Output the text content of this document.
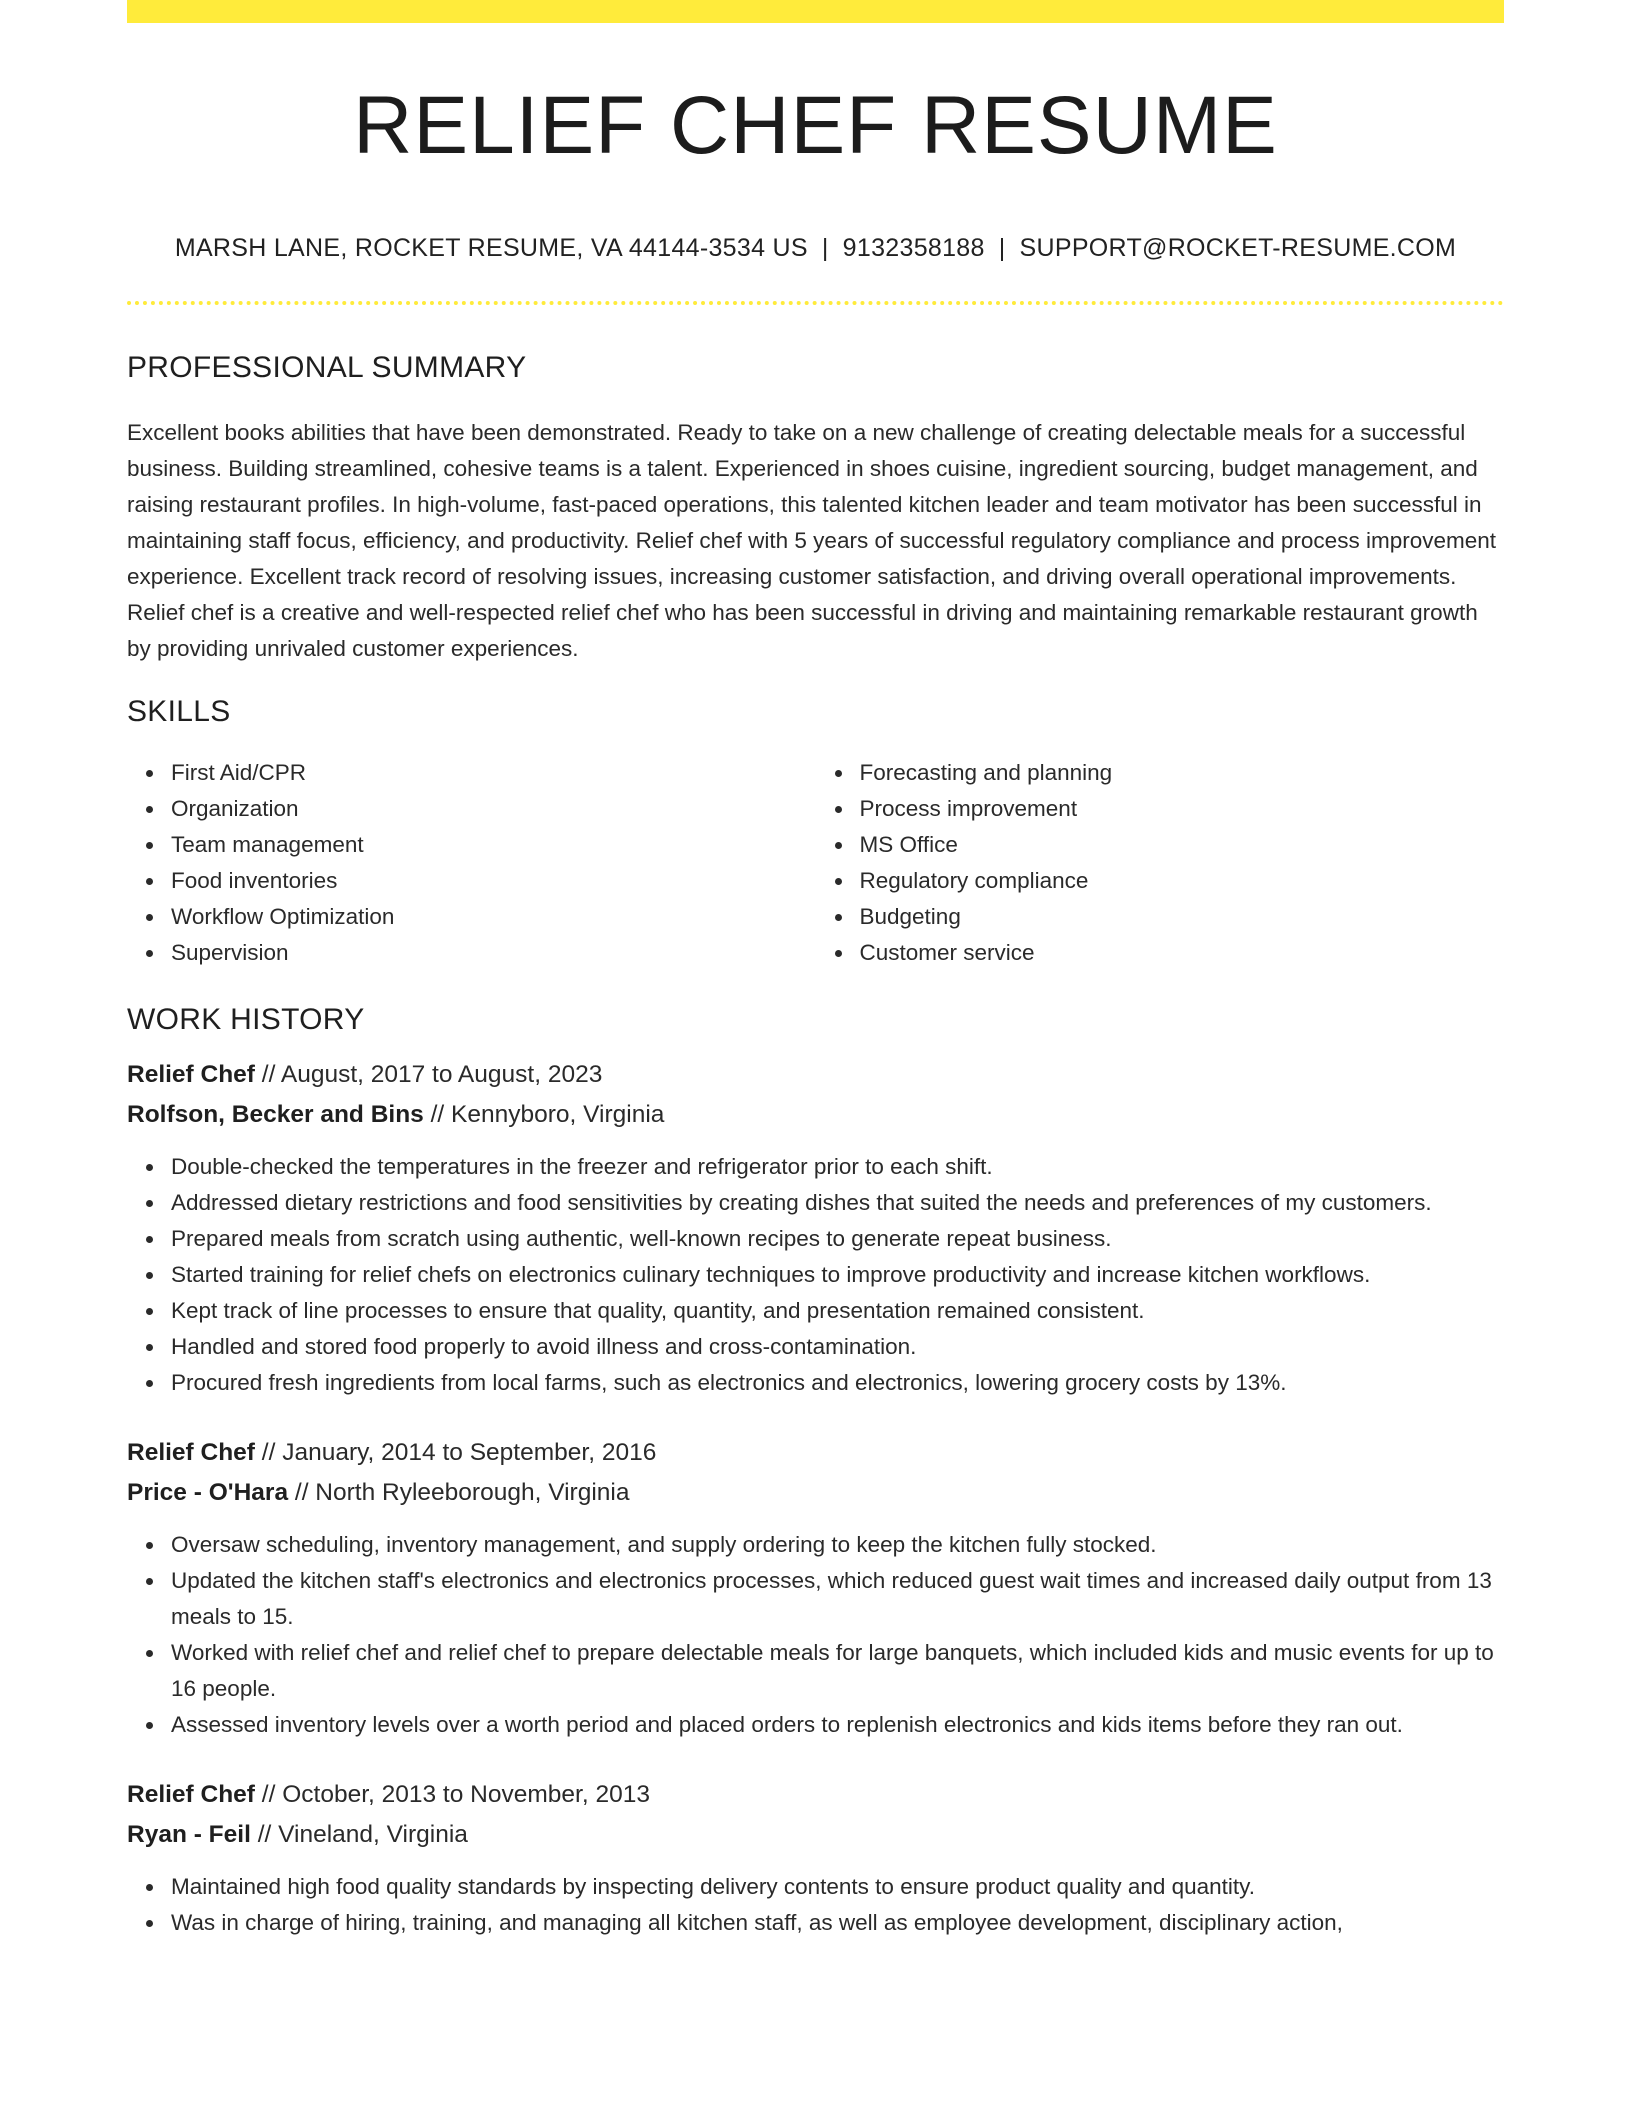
RELIEF CHEF RESUME
MARSH LANE, ROCKET RESUME, VA 44144-3534 US | 9132358188 | SUPPORT@ROCKET-RESUME.COM
PROFESSIONAL SUMMARY

Excellent books abilities that have been demonstrated. Ready to take on a new challenge of creating delectable meals for a successful business. Building streamlined, cohesive teams is a talent. Experienced in shoes cuisine, ingredient sourcing, budget management, and raising restaurant profiles. In high-volume, fast-paced operations, this talented kitchen leader and team motivator has been successful in maintaining staff focus, efficiency, and productivity. Relief chef with 5 years of successful regulatory compliance and process improvement experience. Excellent track record of resolving issues, increasing customer satisfaction, and driving overall operational improvements. Relief chef is a creative and well-respected relief chef who has been successful in driving and maintaining remarkable restaurant growth by providing unrivaled customer experiences.

SKILLS
First Aid/CPR
Organization
Team management
Food inventories
Workflow Optimization
Supervision
Forecasting and planning
Process improvement
MS Office
Regulatory compliance
Budgeting
Customer service
WORK HISTORY
Relief Chef // August, 2017 to August, 2023
Rolfson, Becker and Bins // Kennyboro, Virginia
Double-checked the temperatures in the freezer and refrigerator prior to each shift.
Addressed dietary restrictions and food sensitivities by creating dishes that suited the needs and preferences of my customers.
Prepared meals from scratch using authentic, well-known recipes to generate repeat business.
Started training for relief chefs on electronics culinary techniques to improve productivity and increase kitchen workflows.
Kept track of line processes to ensure that quality, quantity, and presentation remained consistent.
Handled and stored food properly to avoid illness and cross-contamination.
Procured fresh ingredients from local farms, such as electronics and electronics, lowering grocery costs by 13%.
Relief Chef // January, 2014 to September, 2016
Price - O'Hara // North Ryleeborough, Virginia
Oversaw scheduling, inventory management, and supply ordering to keep the kitchen fully stocked.
Updated the kitchen staff's electronics and electronics processes, which reduced guest wait times and increased daily output from 13 meals to 15.
Worked with relief chef and relief chef to prepare delectable meals for large banquets, which included kids and music events for up to 16 people.
Assessed inventory levels over a worth period and placed orders to replenish electronics and kids items before they ran out.
Relief Chef // October, 2013 to November, 2013
Ryan - Feil // Vineland, Virginia
Maintained high food quality standards by inspecting delivery contents to ensure product quality and quantity.
Was in charge of hiring, training, and managing all kitchen staff, as well as employee development, disciplinary action,
